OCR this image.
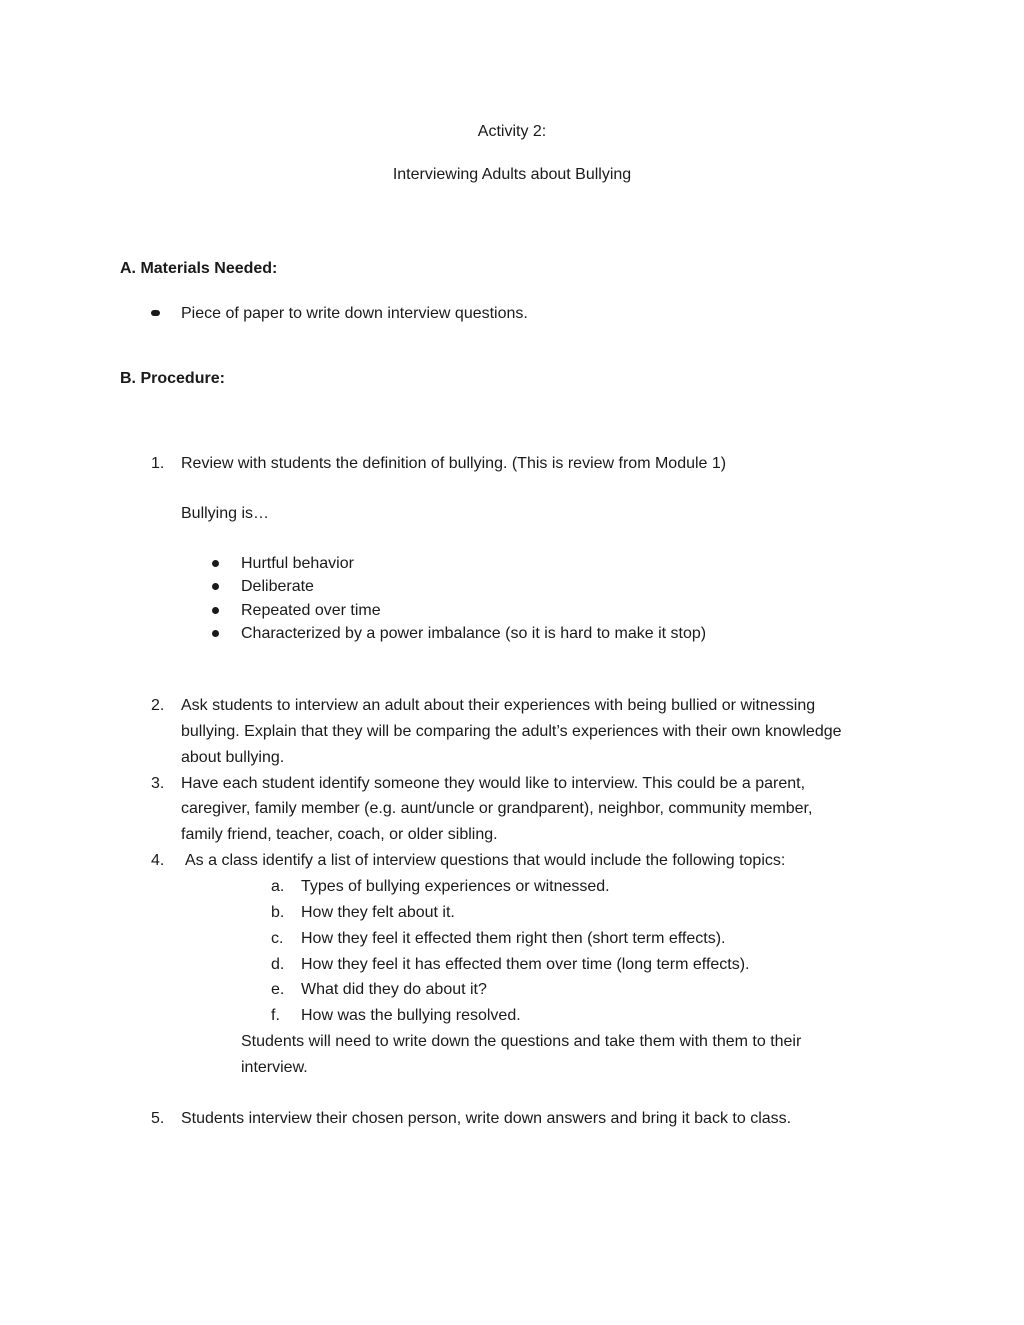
Activity 2:
Interviewing Adults about Bullying
A. Materials Needed:
Piece of paper to write down interview questions.
B. Procedure:
1. Review with students the definition of bullying. (This is review from Module 1)
Bullying is…
Hurtful behavior
Deliberate
Repeated over time
Characterized by a power imbalance (so it is hard to make it stop)
2. Ask students to interview an adult about their experiences with being bullied or witnessing
bullying. Explain that they will be comparing the adult’s experiences with their own knowledge
about bullying.
3. Have each student identify someone they would like to interview. This could be a parent,
caregiver, family member (e.g. aunt/uncle or grandparent), neighbor, community member,
family friend, teacher, coach, or older sibling.
4. As a class identify a list of interview questions that would include the following topics:
a. Types of bullying experiences or witnessed.
b. How they felt about it.
c. How they feel it effected them right then (short term effects).
d. How they feel it has effected them over time (long term effects).
e. What did they do about it?
f. How was the bullying resolved.
Students will need to write down the questions and take them with them to their
interview.
5. Students interview their chosen person, write down answers and bring it back to class.
